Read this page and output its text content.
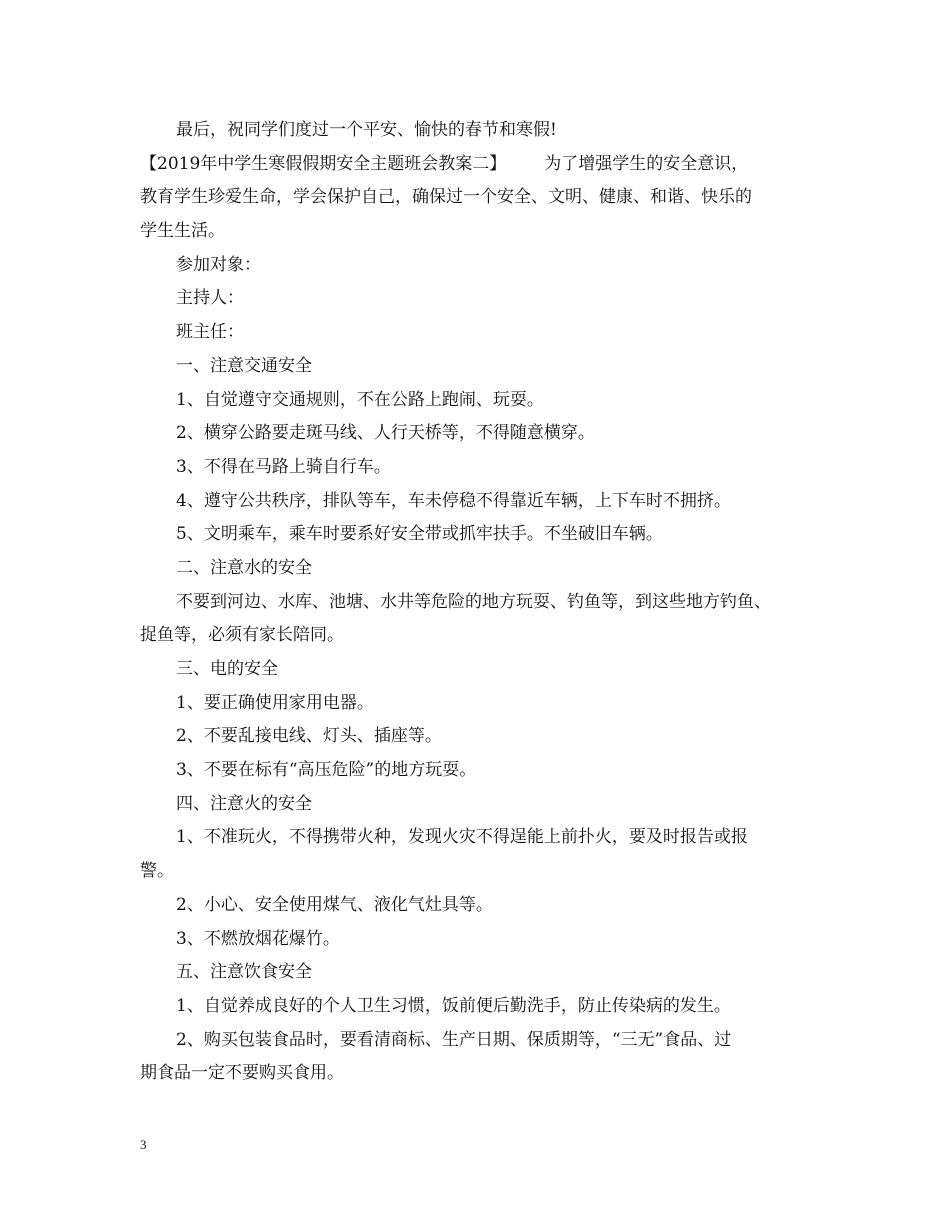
最后，祝同学们度过一个平安、愉快的春节和寒假!
【2019年中学生寒假假期安全主题班会教案二】 为了增强学生的安全意识，
教育学生珍爱生命，学会保护自己，确保过一个安全、文明、健康、和谐、快乐的
学生生活。
参加对象：
主持人：
班主任：
一、注意交通安全
1、自觉遵守交通规则，不在公路上跑闹、玩耍。
2、横穿公路要走斑马线、人行天桥等，不得随意横穿。
3、不得在马路上骑自行车。
4、遵守公共秩序，排队等车，车未停稳不得靠近车辆，上下车时不拥挤。
5、文明乘车，乘车时要系好安全带或抓牢扶手。不坐破旧车辆。
二、注意水的安全
不要到河边、水库、池塘、水井等危险的地方玩耍、钓鱼等，到这些地方钓鱼、
捉鱼等，必须有家长陪同。
三、电的安全
1、要正确使用家用电器。
2、不要乱接电线、灯头、插座等。
3、不要在标有“高压危险”的地方玩耍。
四、注意火的安全
1、不准玩火，不得携带火种，发现火灾不得逞能上前扑火，要及时报告或报
警。
2、小心、安全使用煤气、液化气灶具等。
3、不燃放烟花爆竹。
五、注意饮食安全
1、自觉养成良好的个人卫生习惯，饭前便后勤洗手，防止传染病的发生。
2、购买包装食品时，要看清商标、生产日期、保质期等，“三无”食品、过
期食品一定不要购买食用。
3
